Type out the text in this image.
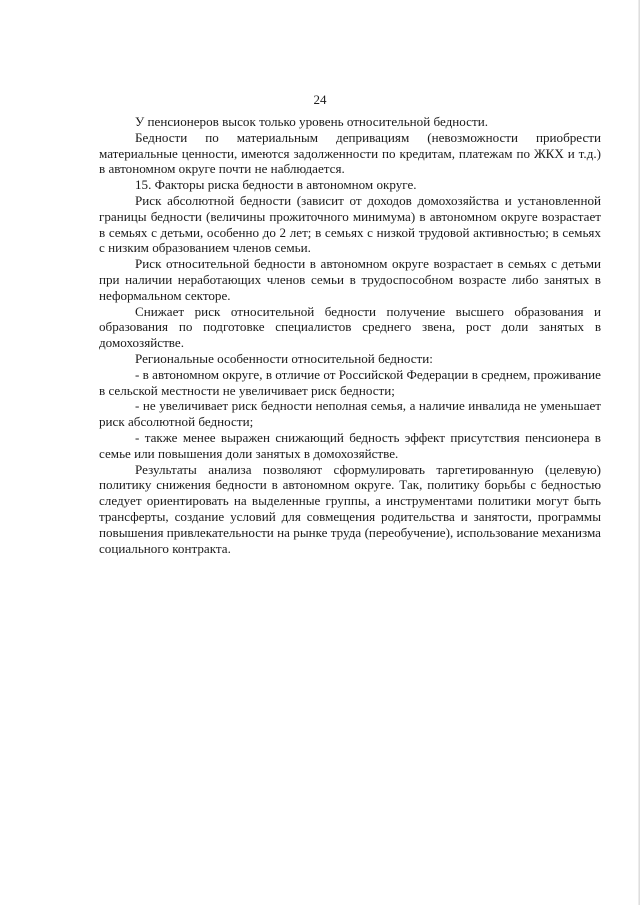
24

У пенсионеров высок только уровень относительной бедности.

Бедности по материальным депривациям (невозможности приобрести материальные ценности, имеются задолженности по кредитам, платежам по ЖКХ и т.д.) в автономном округе почти не наблюдается.

15. Факторы риска бедности в автономном округе.

Риск абсолютной бедности (зависит от доходов домохозяйства и установленной границы бедности (величины прожиточного минимума) в автономном округе возрастает в семьях с детьми, особенно до 2 лет; в семьях с низкой трудовой активностью; в семьях с низким образованием членов семьи.

Риск относительной бедности в автономном округе возрастает в семьях с детьми при наличии неработающих членов семьи в трудоспособном возрасте либо занятых в неформальном секторе.

Снижает риск относительной бедности получение высшего образования и образования по подготовке специалистов среднего звена, рост доли занятых в домохозяйстве.

Региональные особенности относительной бедности:

- в автономном округе, в отличие от Российской Федерации в среднем, проживание в сельской местности не увеличивает риск бедности;

- не увеличивает риск бедности неполная семья, а наличие инвалида не уменьшает риск абсолютной бедности;

- также менее выражен снижающий бедность эффект присутствия пенсионера в семье или повышения доли занятых в домохозяйстве.

Результаты анализа позволяют сформулировать таргетированную (целевую) политику снижения бедности в автономном округе. Так, политику борьбы с бедностью следует ориентировать на выделенные группы, а инструментами политики могут быть трансферты, создание условий для совмещения родительства и занятости, программы повышения привлекательности на рынке труда (переобучение), использование механизма социального контракта.
